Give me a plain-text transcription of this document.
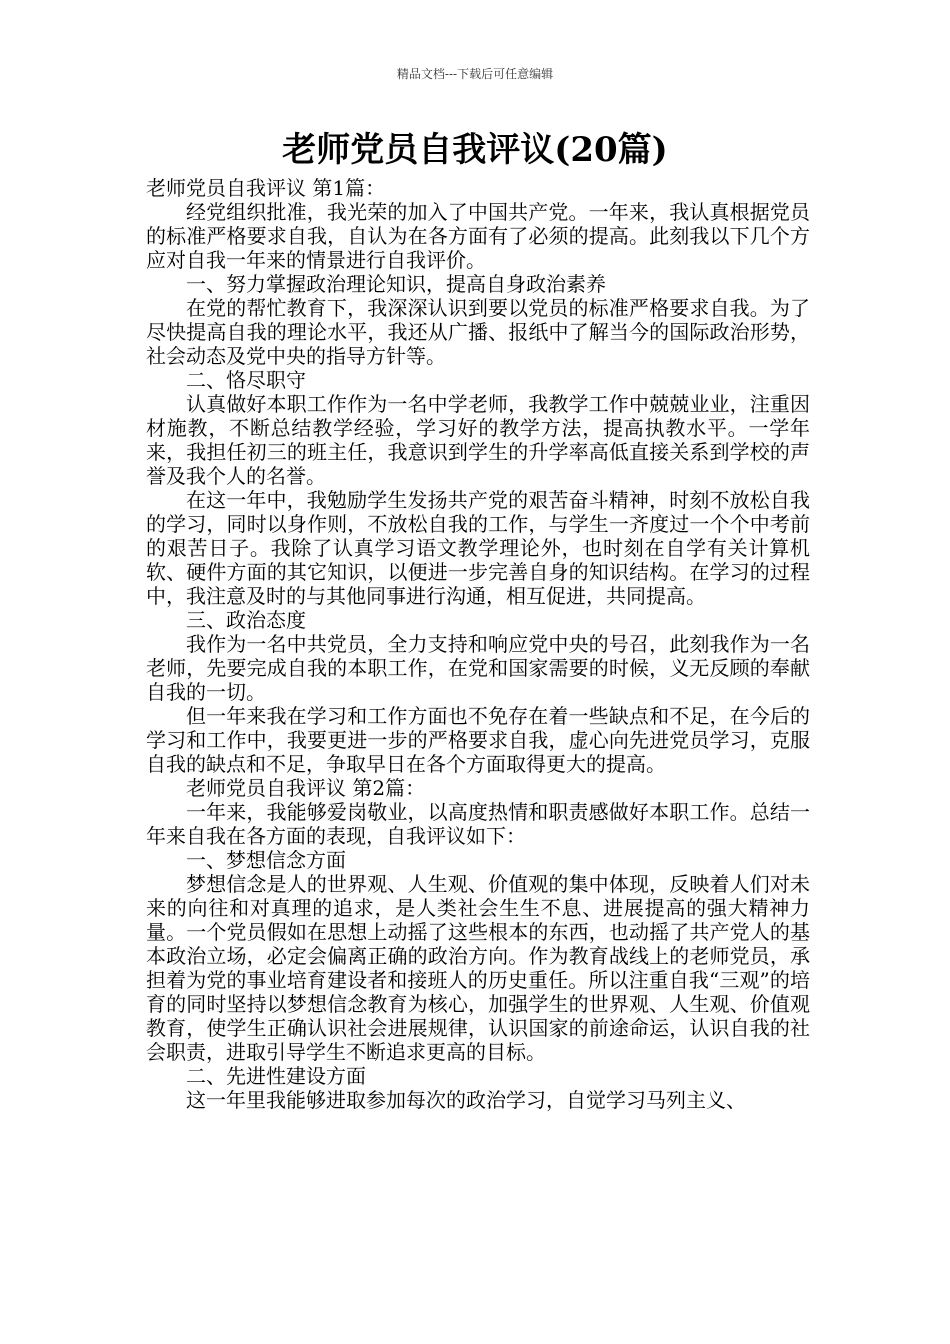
精品文档---下载后可任意编辑
老师党员自我评议(20篇)

老师党员自我评议 第1篇：

经党组织批准，我光荣的加入了中国共产党。一年来，我认真根据党员的标准严格要求自我，自认为在各方面有了必须的提高。此刻我以下几个方应对自我一年来的情景进行自我评价。

一、努力掌握政治理论知识，提高自身政治素养

在党的帮忙教育下，我深深认识到要以党员的标准严格要求自我。为了尽快提高自我的理论水平，我还从广播、报纸中了解当今的国际政治形势，社会动态及党中央的指导方针等。

二、恪尽职守

认真做好本职工作作为一名中学老师，我教学工作中兢兢业业，注重因材施教，不断总结教学经验，学习好的教学方法，提高执教水平。一学年来，我担任初三的班主任，我意识到学生的升学率高低直接关系到学校的声誉及我个人的名誉。

在这一年中，我勉励学生发扬共产党的艰苦奋斗精神，时刻不放松自我的学习，同时以身作则，不放松自我的工作，与学生一齐度过一个个中考前的艰苦日子。我除了认真学习语文教学理论外，也时刻在自学有关计算机软、硬件方面的其它知识，以便进一步完善自身的知识结构。在学习的过程中，我注意及时的与其他同事进行沟通，相互促进，共同提高。

三、政治态度

我作为一名中共党员，全力支持和响应党中央的号召，此刻我作为一名老师，先要完成自我的本职工作，在党和国家需要的时候，义无反顾的奉献自我的一切。

但一年来我在学习和工作方面也不免存在着一些缺点和不足，在今后的学习和工作中，我要更进一步的严格要求自我，虚心向先进党员学习，克服自我的缺点和不足，争取早日在各个方面取得更大的提高。

老师党员自我评议 第2篇：

一年来，我能够爱岗敬业，以高度热情和职责感做好本职工作。总结一年来自我在各方面的表现，自我评议如下：

一、梦想信念方面

梦想信念是人的世界观、人生观、价值观的集中体现，反映着人们对未来的向往和对真理的追求，是人类社会生生不息、进展提高的强大精神力量。一个党员假如在思想上动摇了这些根本的东西，也动摇了共产党人的基本政治立场，必定会偏离正确的政治方向。作为教育战线上的老师党员，承担着为党的事业培育建设者和接班人的历史重任。所以注重自我“三观”的培育的同时坚持以梦想信念教育为核心，加强学生的世界观、人生观、价值观教育，使学生正确认识社会进展规律，认识国家的前途命运，认识自我的社会职责，进取引导学生不断追求更高的目标。

二、先进性建设方面

这一年里我能够进取参加每次的政治学习，自觉学习马列主义、
